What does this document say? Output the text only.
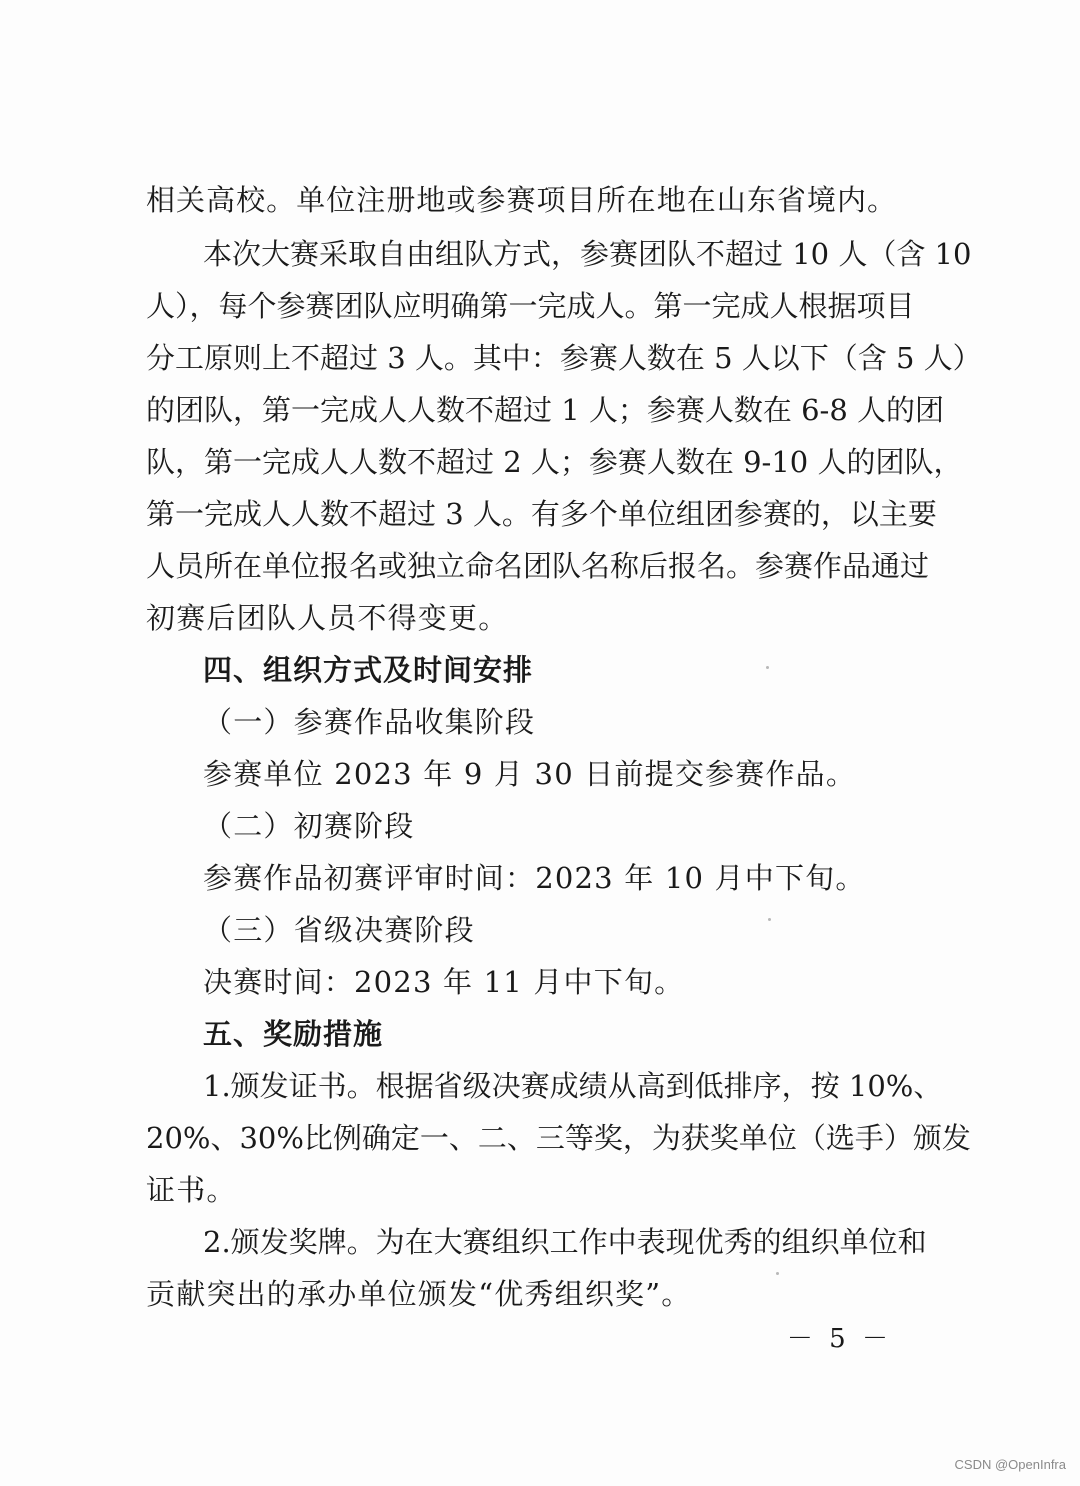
相关高校。单位注册地或参赛项目所在地在山东省境内。
本次大赛采取自由组队方式，参赛团队不超过 10 人（含 10
人），每个参赛团队应明确第一完成人。第一完成人根据项目
分工原则上不超过 3 人。其中：参赛人数在 5 人以下（含 5 人）
的团队，第一完成人人数不超过 1 人；参赛人数在 6-8 人的团
队，第一完成人人数不超过 2 人；参赛人数在 9-10 人的团队，
第一完成人人数不超过 3 人。有多个单位组团参赛的，以主要
人员所在单位报名或独立命名团队名称后报名。参赛作品通过
初赛后团队人员不得变更。
四、组织方式及时间安排
（一）参赛作品收集阶段
参赛单位 2023 年 9 月 30 日前提交参赛作品。
（二）初赛阶段
参赛作品初赛评审时间：2023 年 10 月中下旬。
（三）省级决赛阶段
决赛时间：2023 年 11 月中下旬。
五、奖励措施
1.颁发证书。根据省级决赛成绩从高到低排序，按 10%、
20%、30%比例确定一、二、三等奖，为获奖单位（选手）颁发
证书。
2.颁发奖牌。为在大赛组织工作中表现优秀的组织单位和
贡献突出的承办单位颁发“优秀组织奖”。
－ 5 －
CSDN @OpenInfra
